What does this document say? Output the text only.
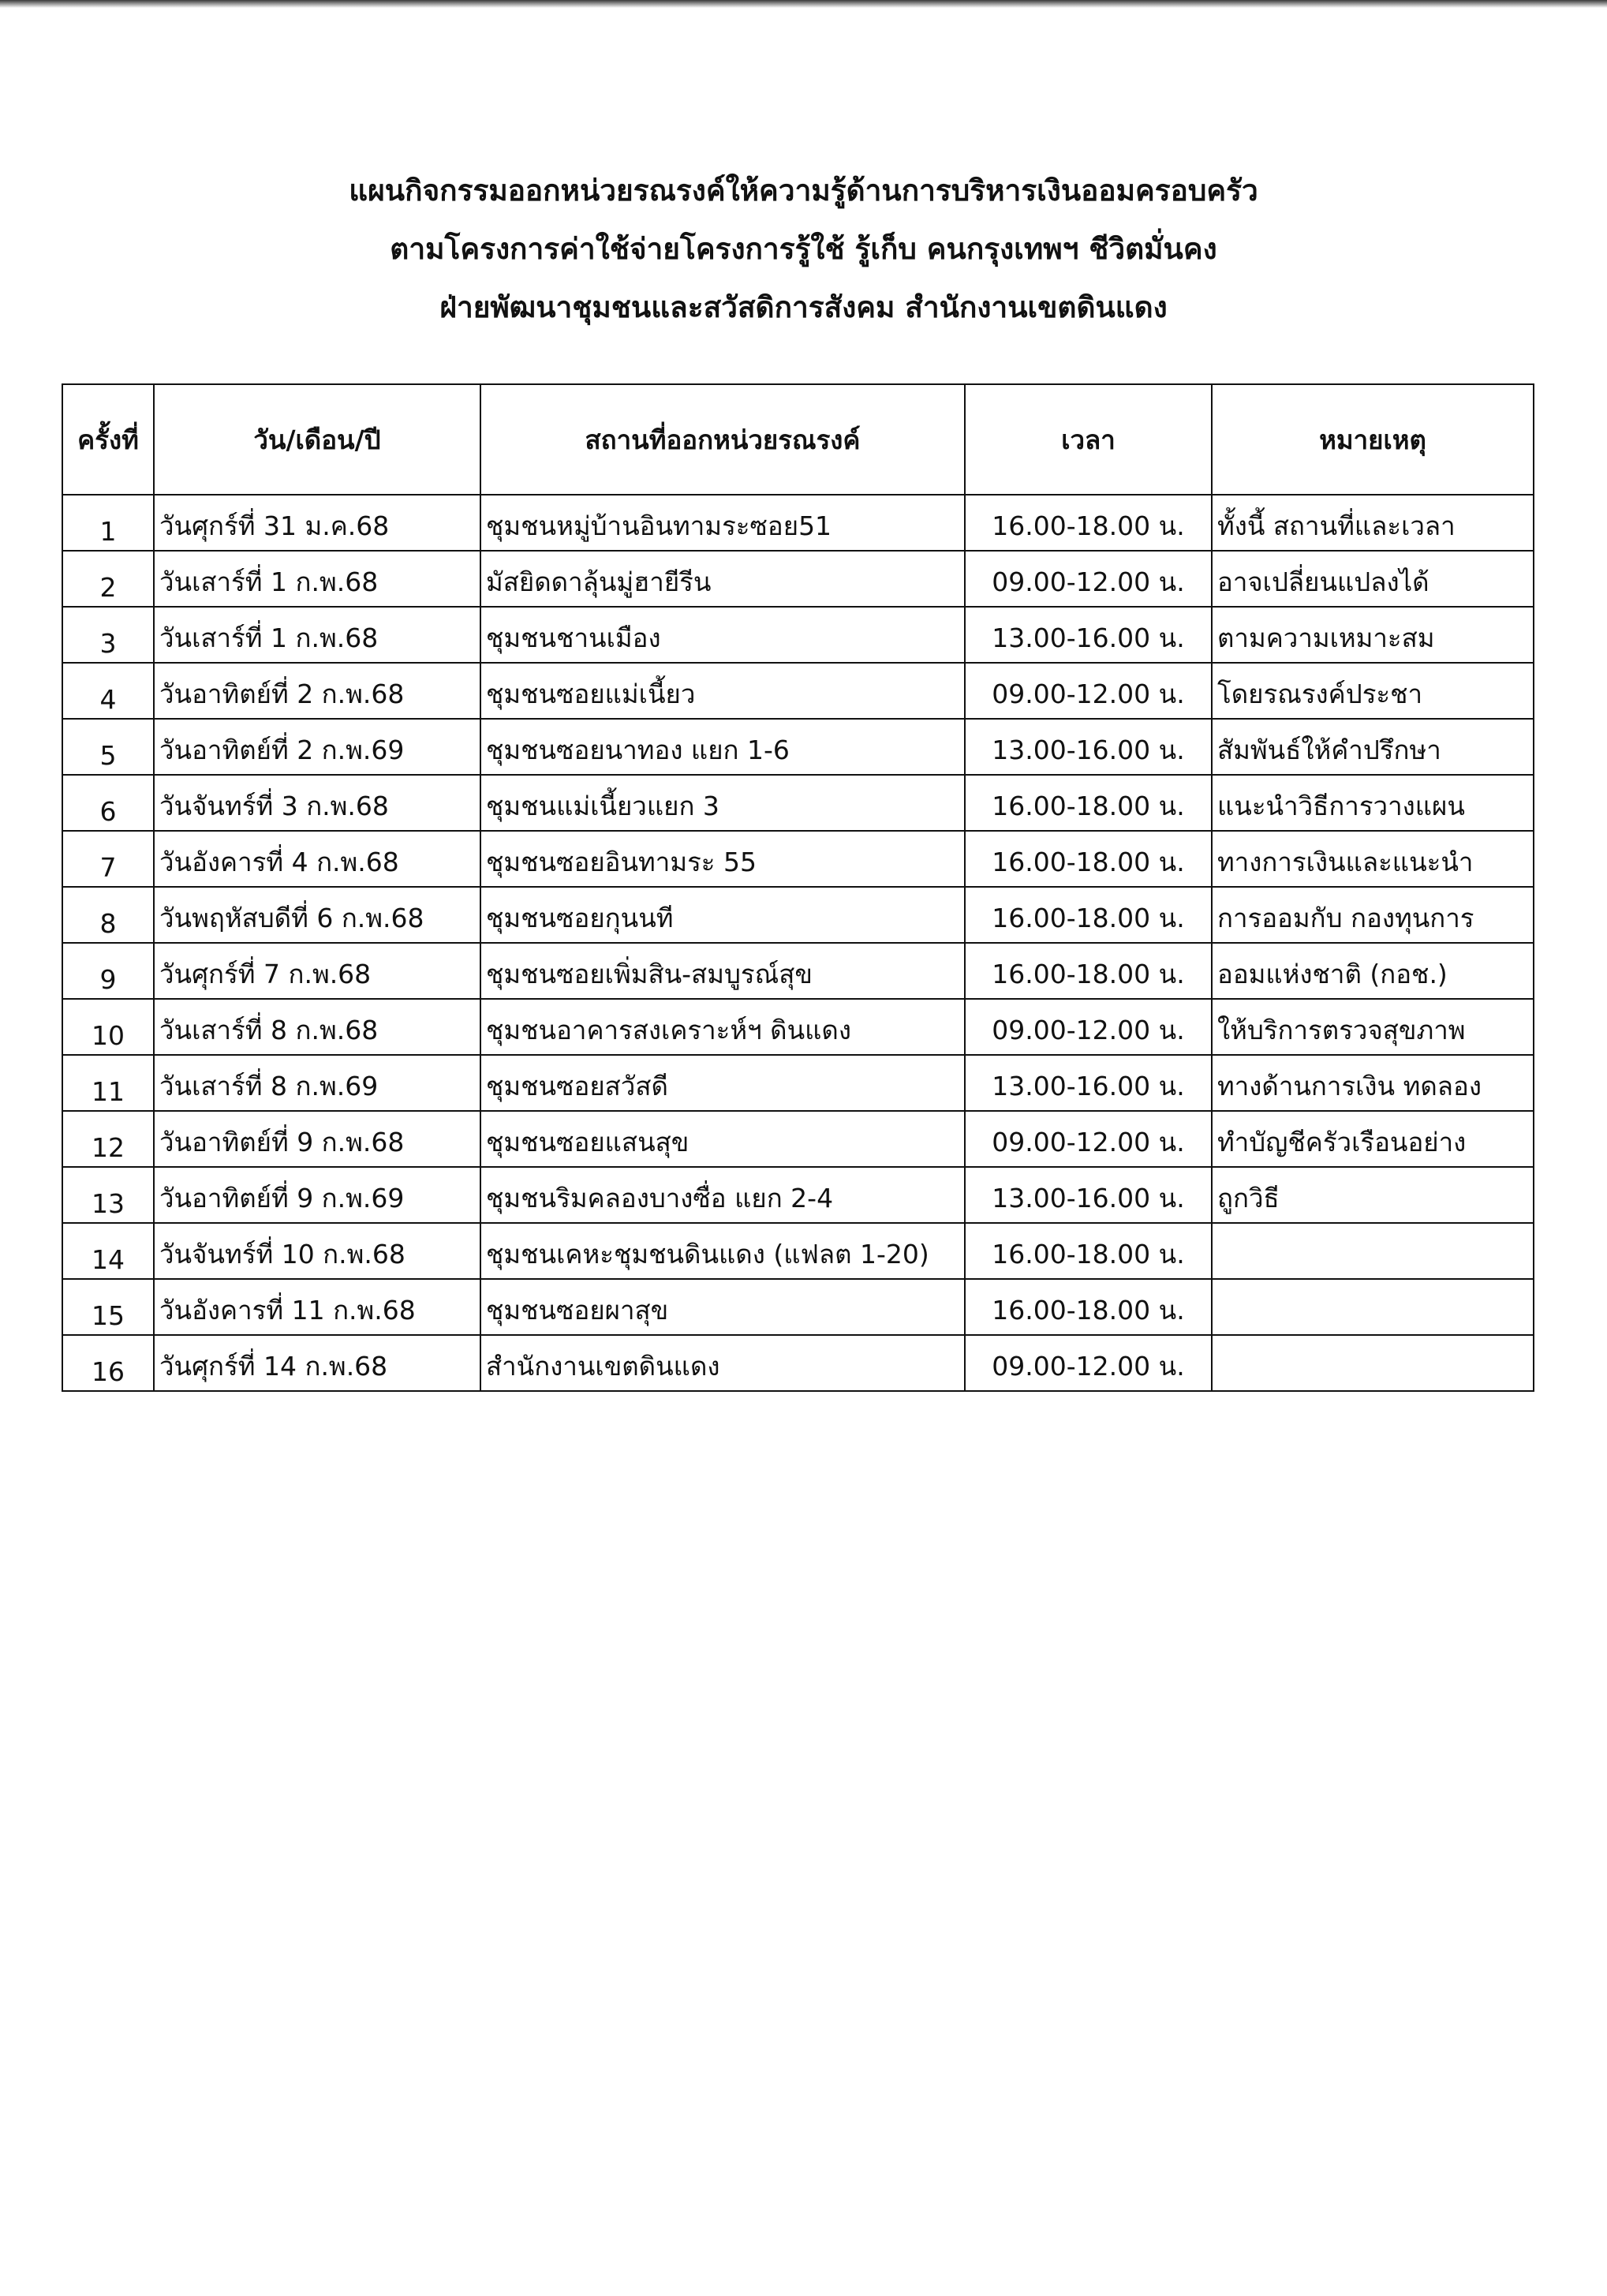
แผนกิจกรรมออกหน่วยรณรงค์ให้ความรู้ด้านการบริหารเงินออมครอบครัว
ตามโครงการค่าใช้จ่ายโครงการรู้ใช้ รู้เก็บ คนกรุงเทพฯ ชีวิตมั่นคง
ฝ่ายพัฒนาชุมชนและสวัสดิการสังคม สำนักงานเขตดินแดง
ครั้งที่	วัน/เดือน/ปี	สถานที่ออกหน่วยรณรงค์	เวลา	หมายเหตุ
1	วันศุกร์ที่ 31 ม.ค.68	ชุมชนหมู่บ้านอินทามระซอย51	16.00-18.00 น.	ทั้งนี้ สถานที่และเวลา
2	วันเสาร์ที่ 1 ก.พ.68	มัสยิดดาลุ้นมู่ฮายีรีน	09.00-12.00 น.	อาจเปลี่ยนแปลงได้
3	วันเสาร์ที่ 1 ก.พ.68	ชุมชนชานเมือง	13.00-16.00 น.	ตามความเหมาะสม
4	วันอาทิตย์ที่ 2 ก.พ.68	ชุมชนซอยแม่เนี้ยว	09.00-12.00 น.	โดยรณรงค์ประชา
5	วันอาทิตย์ที่ 2 ก.พ.69	ชุมชนซอยนาทอง แยก 1-6	13.00-16.00 น.	สัมพันธ์ให้คำปรึกษา
6	วันจันทร์ที่ 3 ก.พ.68	ชุมชนแม่เนี้ยวแยก 3	16.00-18.00 น.	แนะนำวิธีการวางแผน
7	วันอังคารที่ 4 ก.พ.68	ชุมชนซอยอินทามระ 55	16.00-18.00 น.	ทางการเงินและแนะนำ
8	วันพฤหัสบดีที่ 6 ก.พ.68	ชุมชนซอยกุนนที	16.00-18.00 น.	การออมกับ กองทุนการ
9	วันศุกร์ที่ 7 ก.พ.68	ชุมชนซอยเพิ่มสิน-สมบูรณ์สุข	16.00-18.00 น.	ออมแห่งชาติ (กอช.)
10	วันเสาร์ที่ 8 ก.พ.68	ชุมชนอาคารสงเคราะห์ฯ ดินแดง	09.00-12.00 น.	ให้บริการตรวจสุขภาพ
11	วันเสาร์ที่ 8 ก.พ.69	ชุมชนซอยสวัสดี	13.00-16.00 น.	ทางด้านการเงิน ทดลอง
12	วันอาทิตย์ที่ 9 ก.พ.68	ชุมชนซอยแสนสุข	09.00-12.00 น.	ทำบัญชีครัวเรือนอย่าง
13	วันอาทิตย์ที่ 9 ก.พ.69	ชุมชนริมคลองบางซื่อ แยก 2-4	13.00-16.00 น.	ถูกวิธี
14	วันจันทร์ที่ 10 ก.พ.68	ชุมชนเคหะชุมชนดินแดง (แฟลต 1-20)	16.00-18.00 น.	
15	วันอังคารที่ 11 ก.พ.68	ชุมชนซอยผาสุข	16.00-18.00 น.	
16	วันศุกร์ที่ 14 ก.พ.68	สำนักงานเขตดินแดง	09.00-12.00 น.	
